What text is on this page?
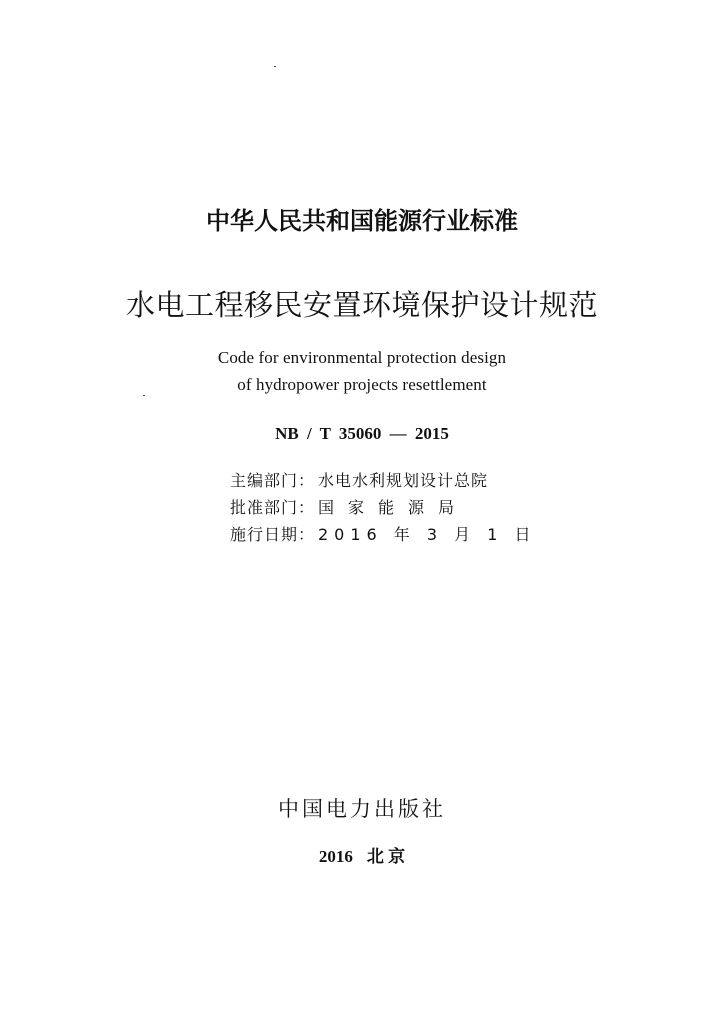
中华人民共和国能源行业标准
水电工程移民安置环境保护设计规范
Code for environmental protection design
of hydropower projects resettlement
NB / T 35060 — 2015
主编部门： 水电水利规划设计总院
批准部门： 国家能源局
施行日期： 2016 年 3 月 1 日
中国电力出版社
2016 北 京
